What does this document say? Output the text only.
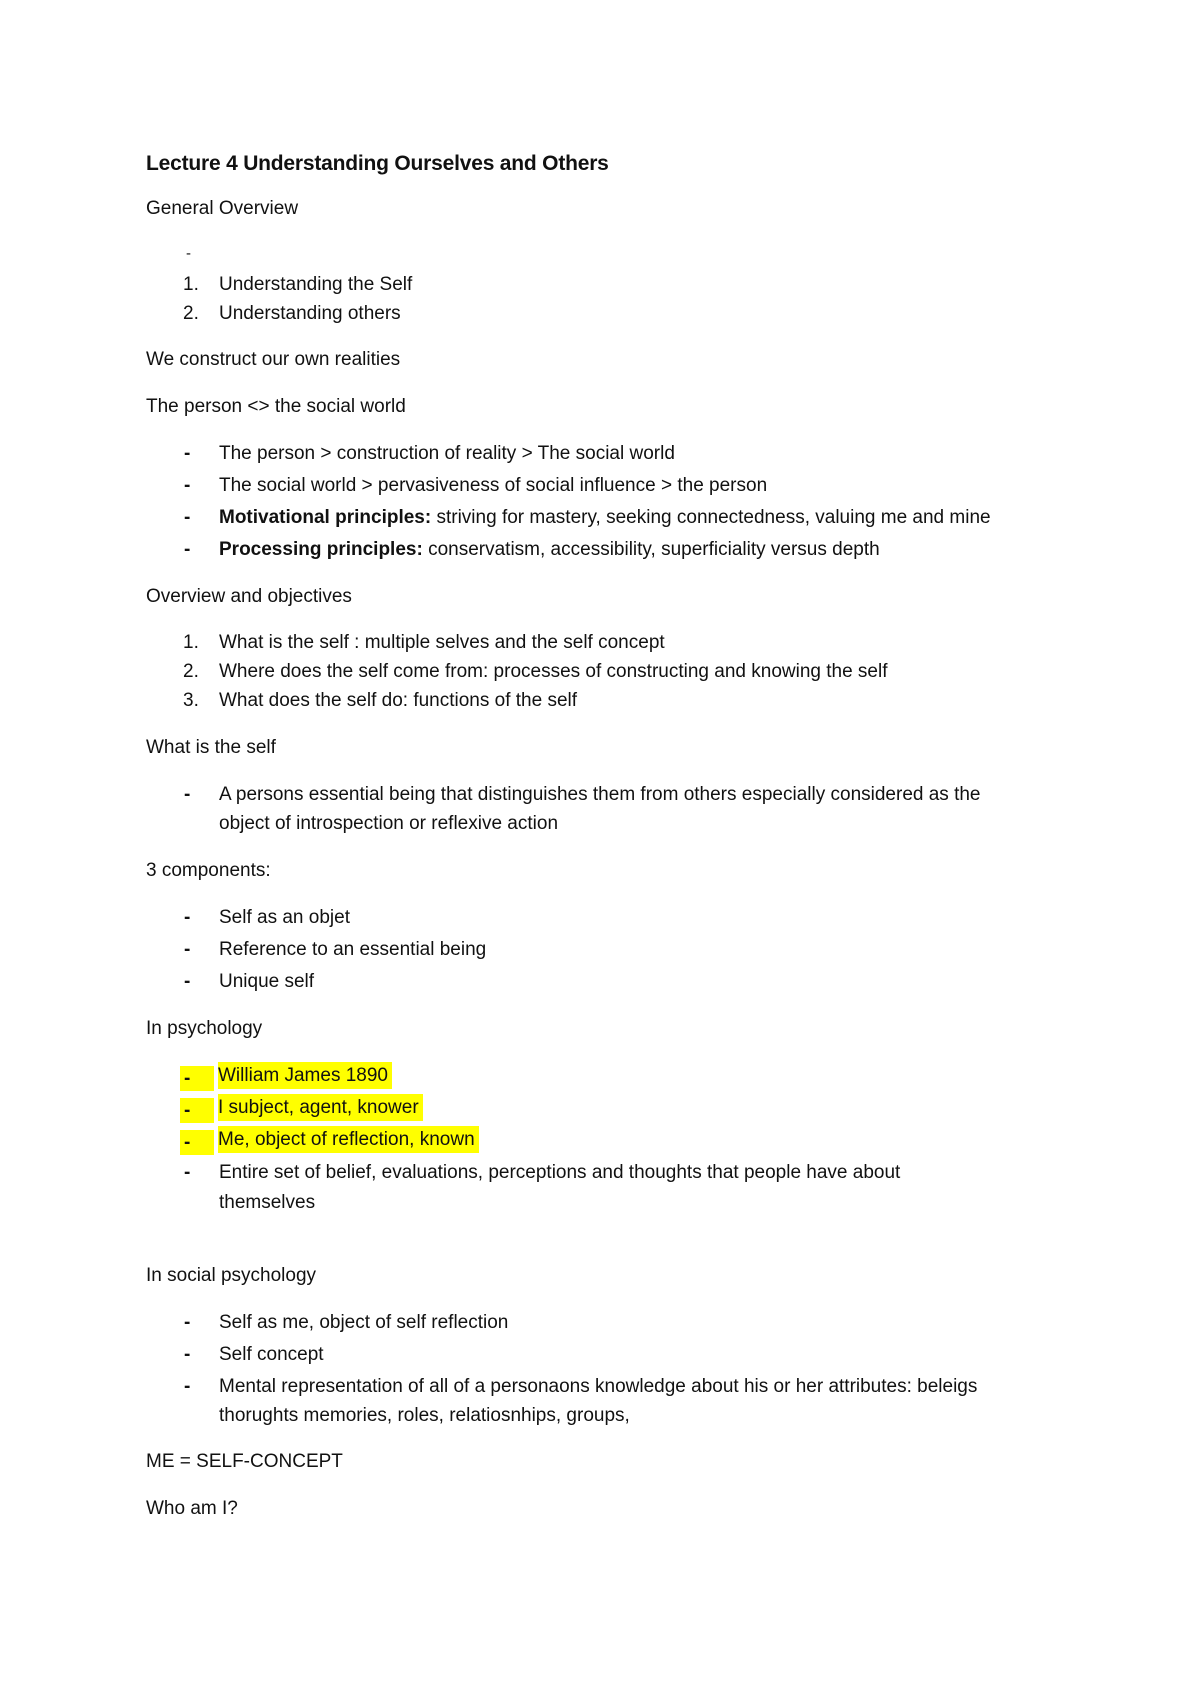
Lecture 4 Understanding Ourselves and Others
General Overview
-
1.	Understanding the Self
2.	Understanding others
We construct our own realities
The person <> the social world
- The person > construction of reality > The social world
- The social world > pervasiveness of social influence > the person
- Motivational principles: striving for mastery, seeking connectedness, valuing me and mine
- Processing principles: conservatism, accessibility, superficiality versus depth
Overview and objectives
1.	What is the self : multiple selves and the self concept
2.	Where does the self come from: processes of constructing and knowing the self
3.	What does the self do: functions of the self
What is the self
- A persons essential being that distinguishes them from others especially considered as the
object of introspection or reflexive action
3 components:
- Self as an objet
- Reference to an essential being
- Unique self
In psychology
-	William James 1890
-	I subject, agent, knower
-	Me, object of reflection, known
- Entire set of belief, evaluations, perceptions and thoughts that people have about
themselves
In social psychology
- Self as me, object of self reflection
- Self concept
- Mental representation of all of a personaons knowledge about his or her attributes: beleigs
thorughts memories, roles, relatiosnhips, groups,
ME = SELF-CONCEPT
Who am I?
